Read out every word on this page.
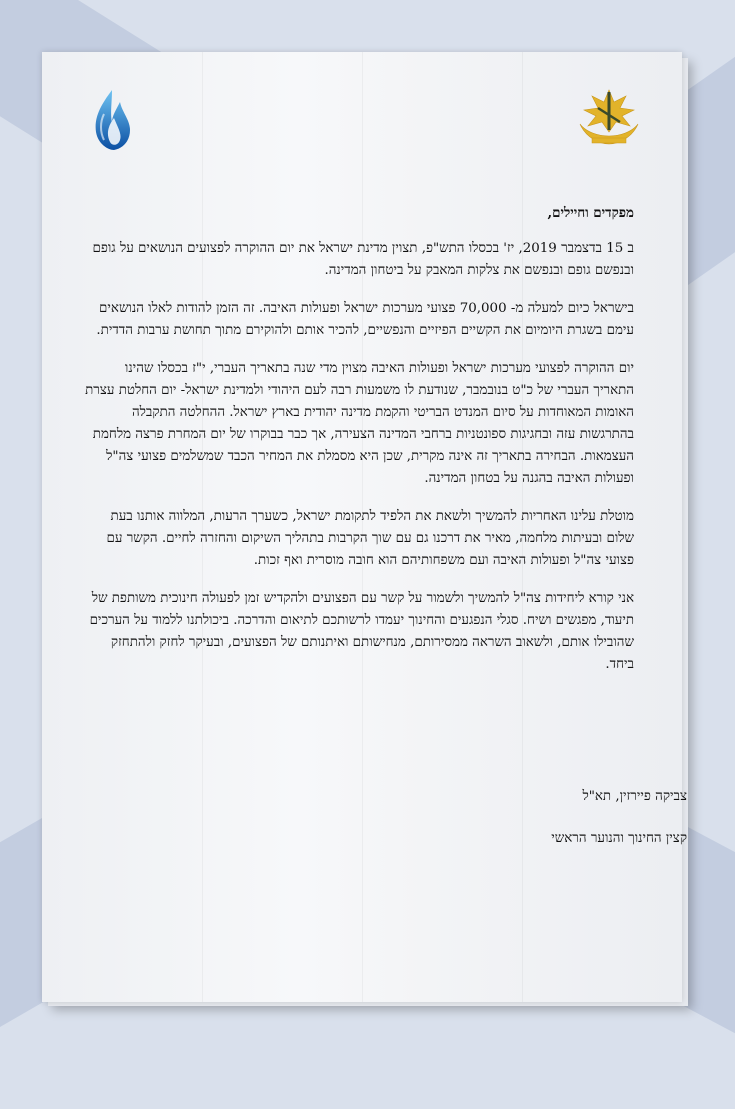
מפקדים וחיילים,

ב 15 בדצמבר 2019, יז' בכסלו התש"פ, תצוין מדינת ישראל את יום ההוקרה לפצועים הנושאים על גופם ובנפשם גופם ובנפשם את צלקות המאבק על ביטחון המדינה.

בישראל כיום למעלה מ- 70,000 פצועי מערכות ישראל ופעולות האיבה. זה הזמן להודות לאלו הנושאים עימם בשגרת היומיום את הקשיים הפיזיים והנפשיים, להכיר אותם ולהוקירם מתוך תחושת ערבות הדדית.

יום ההוקרה לפצועי מערכות ישראל ופעולות האיבה מצוין מדי שנה בתאריך העברי, י"ז בכסלו שהינו התאריך העברי של כ"ט בנובמבר, שנודעת לו משמעות רבה לעם היהודי ולמדינת ישראל- יום החלטת עצרת האומות המאוחדות על סיום המנדט הבריטי והקמת מדינה יהודית בארץ ישראל. ההחלטה התקבלה בהתרגשות עזה ובחגיגות ספונטניות ברחבי המדינה הצעירה, אך כבר בבוקרו של יום המחרת פרצה מלחמת העצמאות. הבחירה בתאריך זה אינה מקרית, שכן היא מסמלת את המחיר הכבד שמשלמים פצועי צה"ל ופעולות האיבה בהגנה על בטחון המדינה.

מוטלת עלינו האחריות להמשיך ולשאת את הלפיד לתקומת ישראל, כשערך הרעות, המלווה אותנו בעת שלום ובעיתות מלחמה, מאיר את דרכנו גם עם שוך הקרבות בתהליך השיקום והחזרה לחיים. הקשר עם פצועי צה"ל ופעולות האיבה ועם משפחותיהם הוא חובה מוסרית ואף זכות.

אני קורא ליחידות צה"ל להמשיך ולשמור על קשר עם הפצועים ולהקדיש זמן לפעולה חינוכית משותפת של תיעוד, מפגשים ושיח. סגלי הנפגעים והחינוך יעמדו לרשותכם לתיאום והדרכה. ביכולתנו ללמוד על הערכים שהובילו אותם, ולשאוב השראה ממסירותם, מנחישותם ואיתנותם של הפצועים, ובעיקר לחזק ולהתחזק ביחד.

צביקה פיירזין, תא"ל

קצין החינוך והנוער הראשי
